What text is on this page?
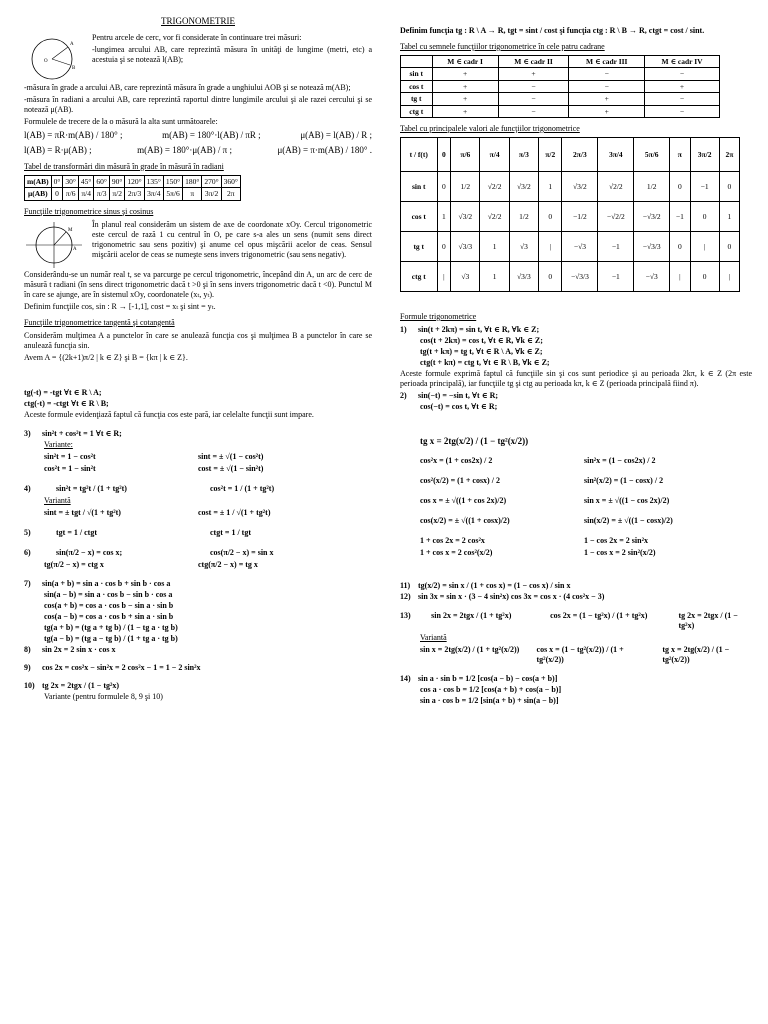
TRIGONOMETRIE
O
A
B

Pentru arcele de cerc, vor fi considerate în continuare trei măsuri:

-lungimea arcului AB, care reprezintă măsura în unităţi de lungime (metri, etc) a acestuia şi se notează l(AB);

-măsura în grade a arcului AB, care reprezintă măsura în grade a unghiului AOB şi se notează m(AB);

-măsura în radiani a arcului AB, care reprezintă raportul dintre lungimile arcului şi ale razei cercului şi se notează μ(AB).

Formulele de trecere de la o măsură la alta sunt următoarele:

l(AB) = πR·m(AB) / 180° ;	m(AB) = 180°·l(AB) / πR ;	μ(AB) = l(AB) / R ;
l(AB) = R·μ(AB) ;	m(AB) = 180°·μ(AB) / π ;	μ(AB) = π·m(AB) / 180° .
Tabel de transformări din măsură în grade în măsură în radiani
m(AB)	0°	30°	45°	60°	90°	120°	135°	150°	180°	270°	360°
μ(AB)	0	π/6	π/4	π/3	π/2	2π/3	3π/4	5π/6	π	3π/2	2π
Funcţiile trigonometrice sinus şi cosinus
M
A

În planul real considerăm un sistem de axe de coordonate xOy. Cercul trigonometric este cercul de rază 1 cu centrul în O, pe care s-a ales un sens (numit sens direct trigonometric sau sens pozitiv) şi anume cel opus mişcării acelor de ceas. Sensul mişcării acelor de ceas se numeşte sens invers trigonometric (sau sens negativ).

Considerându-se un număr real t, se va parcurge pe cercul trigonometric, începând din A, un arc de cerc de măsură t radiani (în sens direct trigonometric dacă t >0 şi în sens invers trigonometric dacă t <0). Punctul M în care se ajunge, are în sistemul xOy, coordonatele (xₜ, yₜ).

Definim funcţiile cos, sin : R → [-1,1], cost = xₜ şi sint = yₜ.

Funcţiile trigonometrice tangentă şi cotangentă

Considerăm mulţimea A a punctelor în care se anulează funcţia cos şi mulţimea B a punctelor în care se anulează funcţia sin.

Avem A = {(2k+1)π/2 | k ∈ Z} şi B = {kπ | k ∈ Z}.

tg(-t) = -tgt ∀t ∈ R \ A;
ctg(-t) = -ctgt ∀t ∈ R \ B;

Aceste formule evidenţiază faptul că funcţia cos este pară, iar celelalte funcţii sunt impare.

3) sin²t + cos²t = 1 ∀t ∈ R;
Variante:
sin²t = 1 − cos²t	sint = ± √(1 − cos²t)
cos²t = 1 − sin²t	cost = ± √(1 − sin²t)
4)	sin²t = tg²t / (1 + tg²t)	cos²t = 1 / (1 + tg²t)
Variantă
sint = ± tgt / √(1 + tg²t)	cost = ± 1 / √(1 + tg²t)
5)	tgt = 1 / ctgt	ctgt = 1 / tgt
6)	sin(π/2 − x) = cos x;	cos(π/2 − x) = sin x
tg(π/2 − x) = ctg x	ctg(π/2 − x) = tg x
7) sin(a + b) = sin a · cos b + sin b · cos a
sin(a − b) = sin a · cos b − sin b · cos a
cos(a + b) = cos a · cos b − sin a · sin b
cos(a − b) = cos a · cos b + sin a · sin b
tg(a + b) = (tg a + tg b) / (1 − tg a · tg b)
tg(a − b) = (tg a − tg b) / (1 + tg a · tg b)
8) sin 2x = 2 sin x · cos x
9) cos 2x = cos²x − sin²x = 2 cos²x − 1 = 1 − 2 sin²x
10) tg 2x = 2tgx / (1 − tg²x)
Variante (pentru formulele 8, 9 şi 10)

Definim funcţia tg : R \ A → R, tgt = sint / cost şi funcţia ctg : R \ B → R, ctgt = cost / sint.

Tabel cu semnele funcţiilor trigonometrice în cele patru cadrane
	M ∈ cadr I	M ∈ cadr II	M ∈ cadr III	M ∈ cadr IV
sin t	+	+	−	−
cos t	+	−	−	+
tg t	+	−	+	−
ctg t	+	−	+	−
Tabel cu principalele valori ale funcţiilor trigonometrice
t / f(t)	0	π/6	π/4	π/3	π/2	2π/3	3π/4	5π/6	π	3π/2	2π
sin t	0	1/2	√2/2	√3/2	1	√3/2	√2/2	1/2	0	−1	0
cos t	1	√3/2	√2/2	1/2	0	−1/2	−√2/2	−√3/2	−1	0	1
tg t	0	√3/3	1	√3	|	−√3	−1	−√3/3	0	|	0
ctg t	|	√3	1	√3/3	0	−√3/3	−1	−√3	|	0	|
Formule trigonometrice
1) sin(t + 2kπ) = sin t, ∀t ∈ R, ∀k ∈ Z;
cos(t + 2kπ) = cos t, ∀t ∈ R, ∀k ∈ Z;
tg(t + kπ) = tg t, ∀t ∈ R \ A, ∀k ∈ Z;
ctg(t + kπ) = ctg t, ∀t ∈ R \ B, ∀k ∈ Z;

Aceste formule exprimă faptul că funcţiile sin şi cos sunt periodice şi au perioada 2kπ, k ∈ Z (2π este perioada principală), iar funcţiile tg şi ctg au perioada kπ, k ∈ Z (perioada principală fiind π).

2) sin(−t) = −sin t, ∀t ∈ R;
cos(−t) = cos t, ∀t ∈ R;
tg x = 2tg(x/2) / (1 − tg²(x/2))
cos²x = (1 + cos2x) / 2	sin²x = (1 − cos2x) / 2
cos²(x/2) = (1 + cosx) / 2	sin²(x/2) = (1 − cosx) / 2
cos x = ± √((1 + cos 2x)/2)	sin x = ± √((1 − cos 2x)/2)
cos(x/2) = ± √((1 + cosx)/2)	sin(x/2) = ± √((1 − cosx)/2)
1 + cos 2x = 2 cos²x	1 − cos 2x = 2 sin²x
1 + cos x = 2 cos²(x/2)	1 − cos x = 2 sin²(x/2)
11) tg(x/2) = sin x / (1 + cos x) = (1 − cos x) / sin x
12) sin 3x = sin x · (3 − 4 sin²x) cos 3x = cos x · (4 cos²x − 3)
13)	sin 2x = 2tgx / (1 + tg²x)	cos 2x = (1 − tg²x) / (1 + tg²x)	tg 2x = 2tgx / (1 − tg²x)
Variantă
sin x = 2tg(x/2) / (1 + tg²(x/2))	cos x = (1 − tg²(x/2)) / (1 + tg²(x/2))
tg x = 2tg(x/2) / (1 − tg²(x/2))
14) sin a · sin b = 1/2 [cos(a − b) − cos(a + b)]
cos a · cos b = 1/2 [cos(a + b) + cos(a − b)]
sin a · cos b = 1/2 [sin(a + b) + sin(a − b)]
